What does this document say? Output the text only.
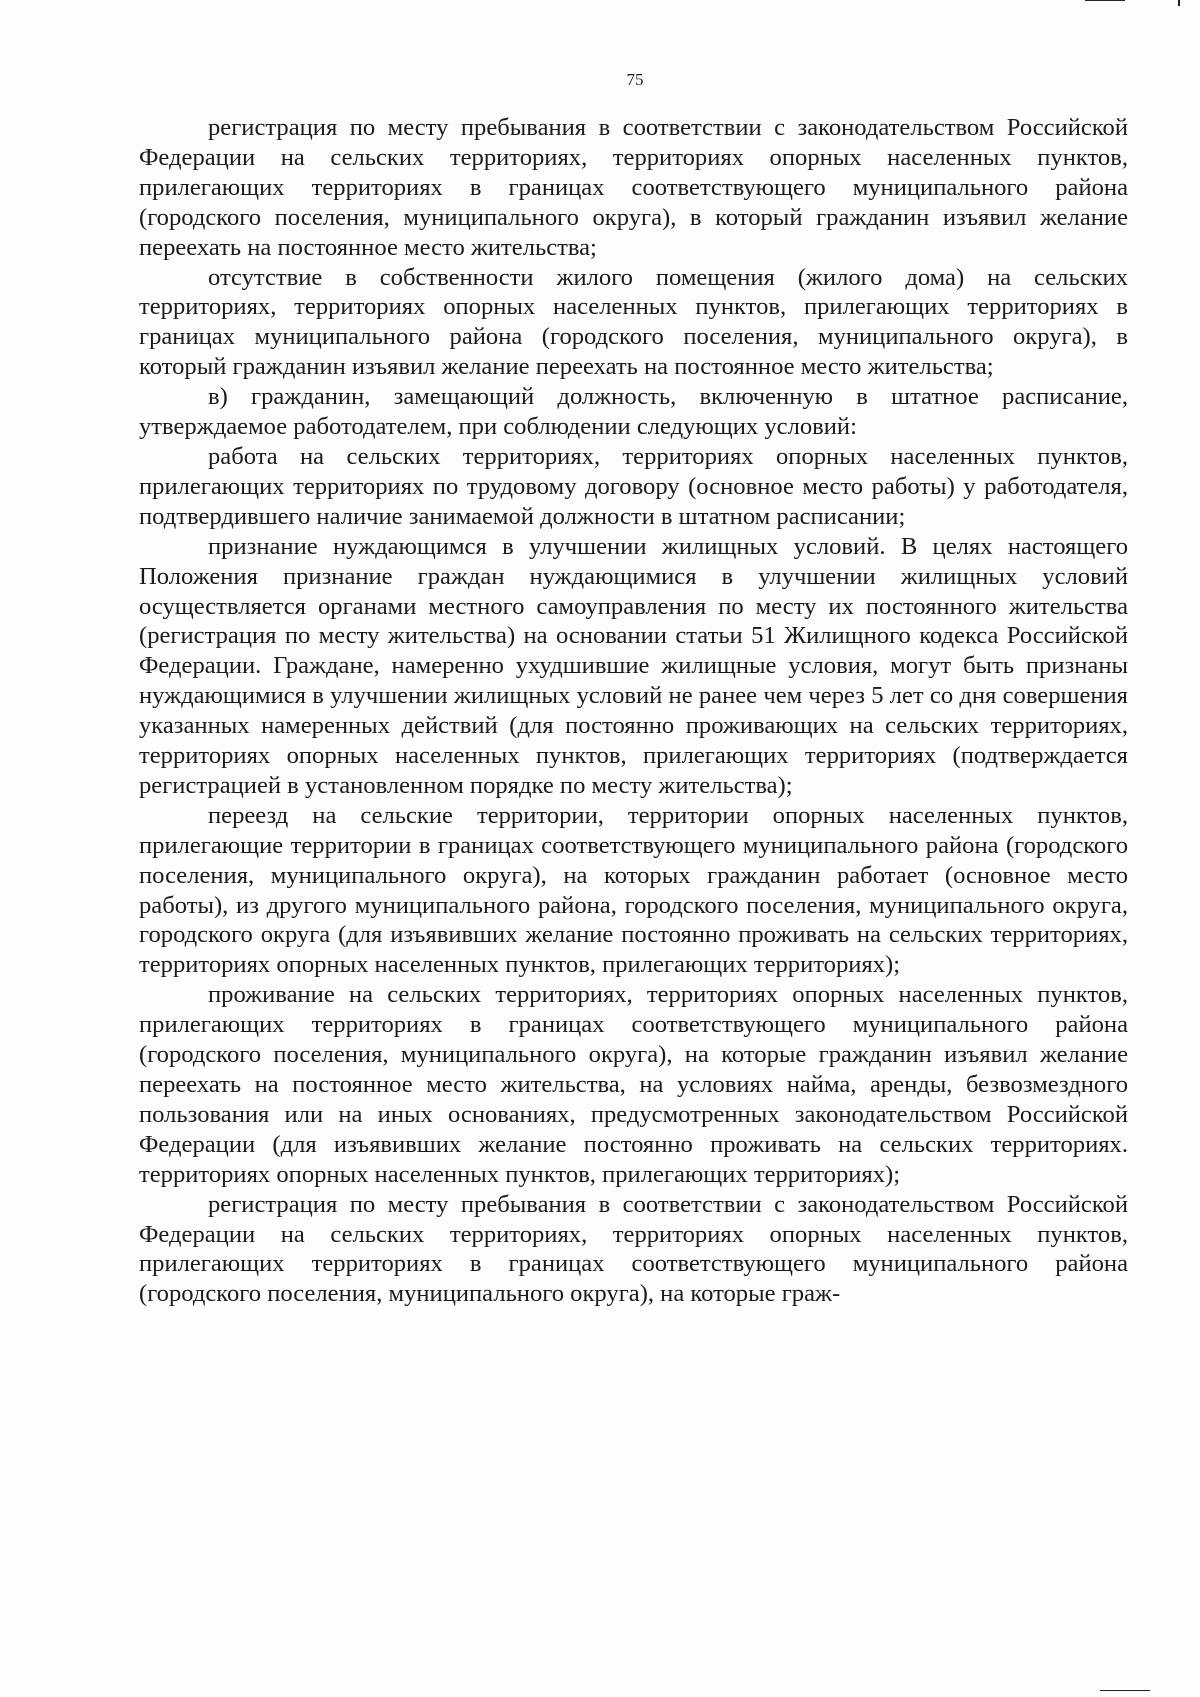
75

регистрация по месту пребывания в соответствии с законодательством Российской Федерации на сельских территориях, территориях опорных населенных пунктов, прилегающих территориях в границах соответствующего муниципального района (городского поселения, муниципального округа), в который гражданин изъявил желание переехать на постоянное место жительства;

отсутствие в собственности жилого помещения (жилого дома) на сельских территориях, территориях опорных населенных пунктов, прилегающих территориях в границах муниципального района (городского поселения, муниципального округа), в который гражданин изъявил желание переехать на постоянное место жительства;

в) гражданин, замещающий должность, включенную в штатное расписание, утверждаемое работодателем, при соблюдении следующих условий:

работа на сельских территориях, территориях опорных населенных пунктов, прилегающих территориях по трудовому договору (основное место работы) у работодателя, подтвердившего наличие занимаемой должности в штатном расписании;

признание нуждающимся в улучшении жилищных условий. В целях настоящего Положения признание граждан нуждающимися в улучшении жилищных условий осуществляется органами местного самоуправления по месту их постоянного жительства (регистрация по месту жительства) на основании статьи 51 Жилищного кодекса Российской Федерации. Граждане, намеренно ухудшившие жилищные условия, могут быть признаны нуждающимися в улучшении жилищных условий не ранее чем через 5 лет со дня совершения указанных намеренных действий (для постоянно проживающих на сельских территориях, территориях опорных населенных пунктов, прилегающих территориях (подтверждается регистрацией в установленном порядке по месту жительства);

переезд на сельские территории, территории опорных населенных пунктов, прилегающие территории в границах соответствующего муниципального района (городского поселения, муниципального округа), на которых гражданин работает (основное место работы), из другого муниципального района, городского поселения, муниципального округа, городского округа (для изъявивших желание постоянно проживать на сельских территориях, территориях опорных населенных пунктов, прилегающих территориях);

проживание на сельских территориях, территориях опорных населенных пунктов, прилегающих территориях в границах соответствующего муниципального района (городского поселения, муниципального округа), на которые гражданин изъявил желание переехать на постоянное место жительства, на условиях найма, аренды, безвозмездного пользования или на иных основаниях, предусмотренных законодательством Российской Федерации (для изъявивших желание постоянно проживать на сельских территориях. территориях опорных населенных пунктов, прилегающих территориях);

регистрация по месту пребывания в соответствии с законодательством Российской Федерации на сельских территориях, территориях опорных населенных пунктов, прилегающих территориях в границах соответствующего муниципального района (городского поселения, муниципального округа), на которые граж-
